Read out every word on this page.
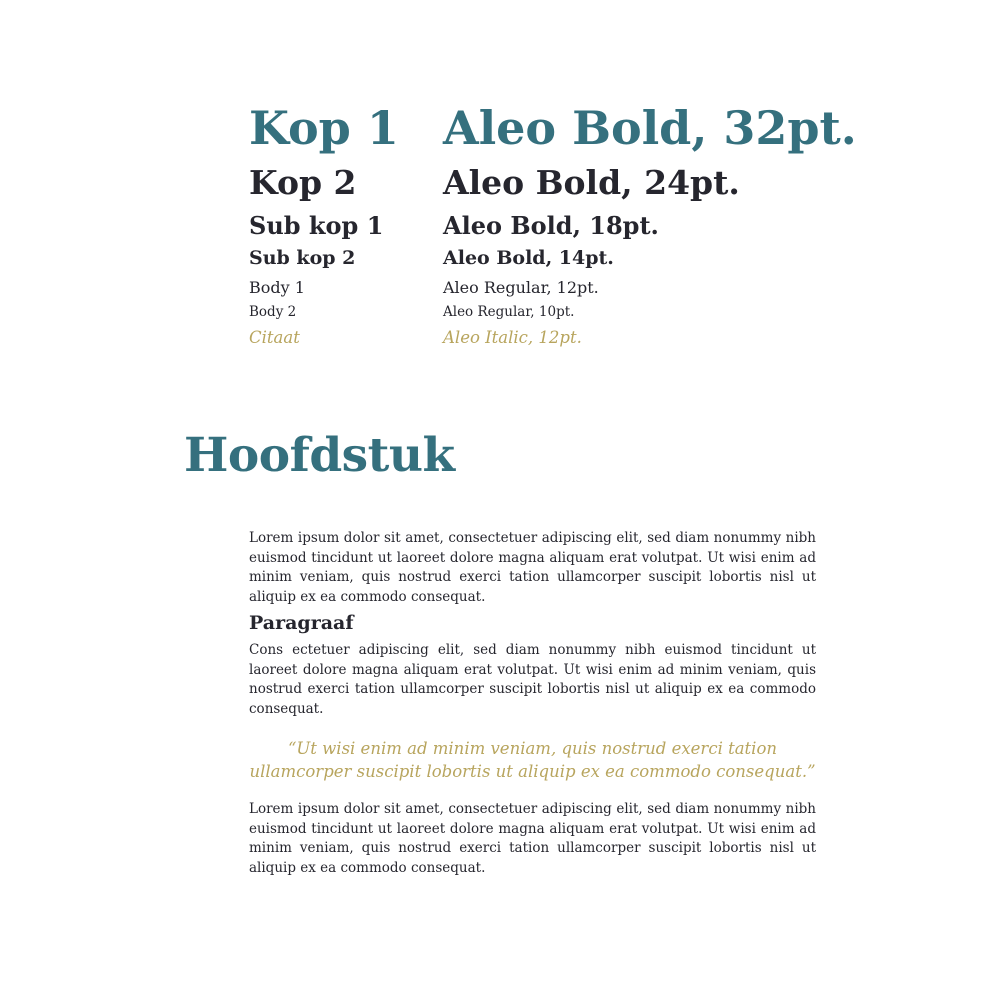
Kop 1 Aleo Bold, 32pt.
Kop 2	Aleo Bold, 24pt.
Sub kop 1 Aleo Bold, 18pt.
Sub kop 2	Aleo Bold, 14pt.
Body 1	Aleo Regular, 12pt.
Body 2	Aleo Regular, 10pt.
Citaat	Aleo Italic, 12pt.
Hoofdstuk

Lorem ipsum dolor sit amet, consectetuer adipiscing elit, sed diam nonummy nibh euismod tincidunt ut laoreet dolore magna aliquam erat volutpat. Ut wisi enim ad minim veniam, quis nostrud exerci tation ullamcorper suscipit lobortis nisl ut aliquip ex ea commodo consequat.

Paragraaf

Cons ectetuer adipiscing elit, sed diam nonummy nibh euismod tincidunt ut laoreet dolore magna aliquam erat volutpat. Ut wisi enim ad minim veniam, quis nostrud exerci tation ullamcorper suscipit lobortis nisl ut aliquip ex ea commodo consequat.

“Ut wisi enim ad minim veniam, quis nostrud exerci tation ullamcorper suscipit lobortis ut aliquip ex ea commodo consequat.”

Lorem ipsum dolor sit amet, consectetuer adipiscing elit, sed diam nonummy nibh euismod tincidunt ut laoreet dolore magna aliquam erat volutpat. Ut wisi enim ad minim veniam, quis nostrud exerci tation ullamcorper suscipit lobortis nisl ut aliquip ex ea commodo consequat.
